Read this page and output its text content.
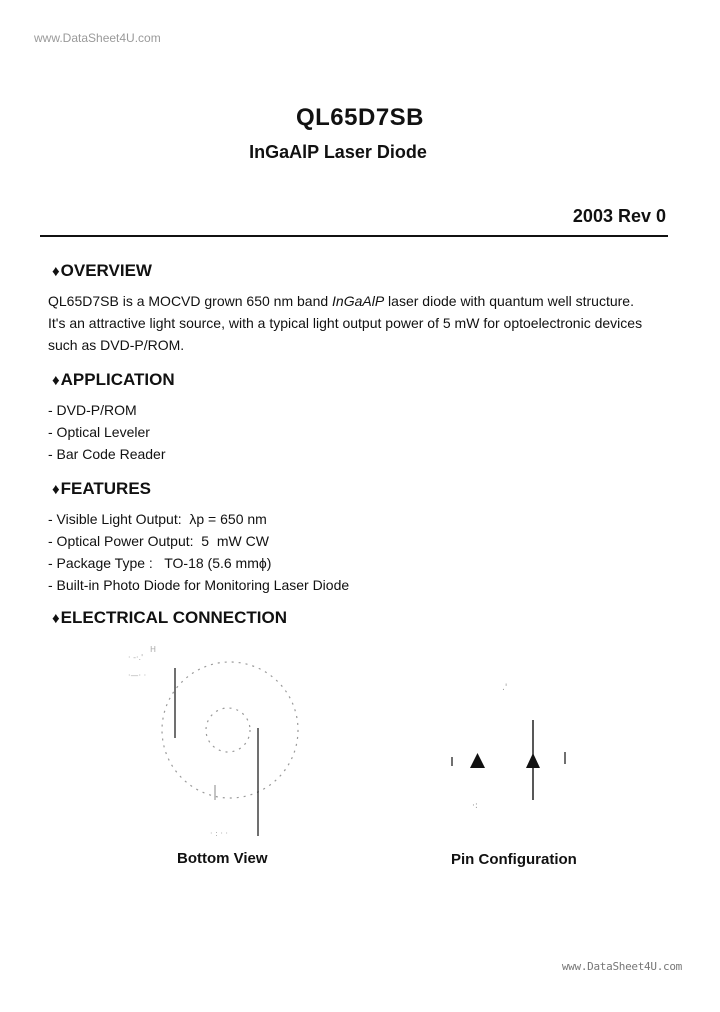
www.DataSheet4U.com
QL65D7SB
InGaAlP Laser Diode
2003 Rev 0
♦OVERVIEW
QL65D7SB is a MOCVD grown 650 nm band InGaAlP laser diode with quantum well structure.
It's an attractive light source, with a typical light output power of 5 mW for optoelectronic devices
such as DVD-P/ROM.
♦APPLICATION
- DVD-P/ROM
- Optical Leveler
- Bar Code Reader
♦FEATURES
- Visible Light Output:  λp = 650 nm
- Optical Power Output:  5  mW CW
- Package Type :   TO-18 (5.6 mmϕ)
- Built-in Photo Diode for Monitoring Laser Diode
♦ELECTRICAL CONNECTION
· -·.'
H
·—· ·
· : · ·
Bottom View
.'
·:
Pin Configuration
www.DataSheet4U.com
